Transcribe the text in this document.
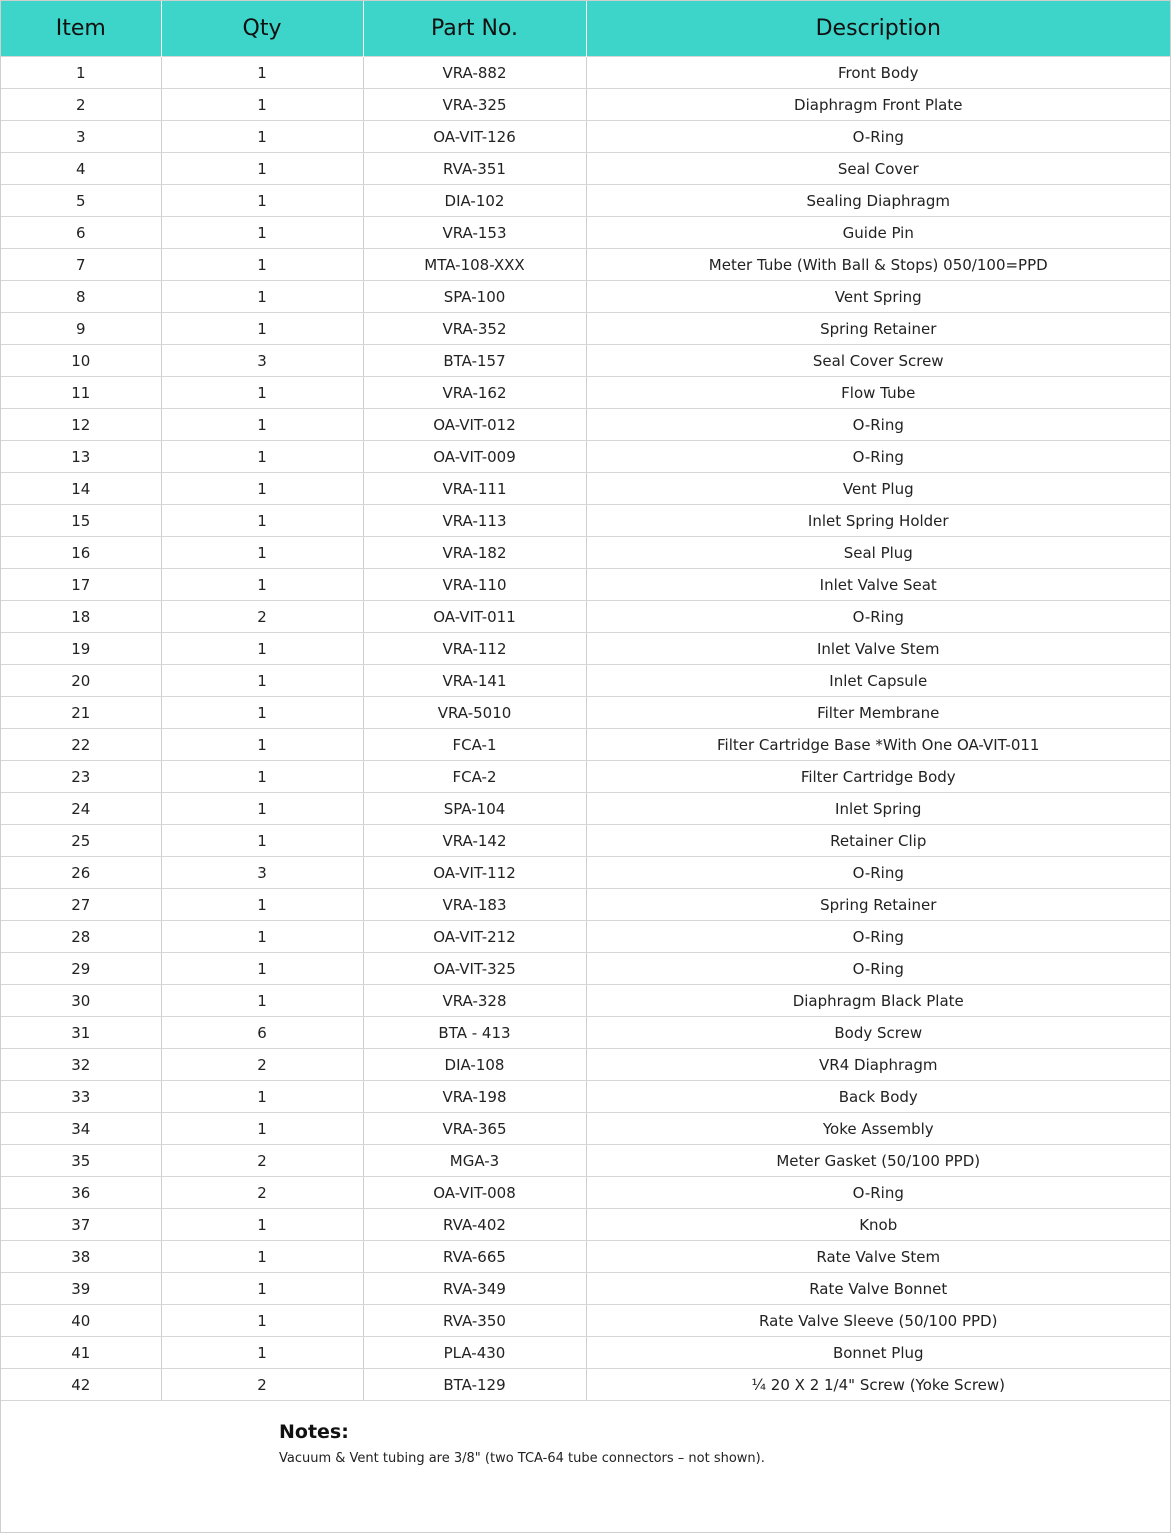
Item	Qty	Part No.	Description
1	1	VRA-882	Front Body
2	1	VRA-325	Diaphragm Front Plate
3	1	OA-VIT-126	O-Ring
4	1	RVA-351	Seal Cover
5	1	DIA-102	Sealing Diaphragm
6	1	VRA-153	Guide Pin
7	1	MTA-108-XXX	Meter Tube (With Ball & Stops) 050/100=PPD
8	1	SPA-100	Vent Spring
9	1	VRA-352	Spring Retainer
10	3	BTA-157	Seal Cover Screw
11	1	VRA-162	Flow Tube
12	1	OA-VIT-012	O-Ring
13	1	OA-VIT-009	O-Ring
14	1	VRA-111	Vent Plug
15	1	VRA-113	Inlet Spring Holder
16	1	VRA-182	Seal Plug
17	1	VRA-110	Inlet Valve Seat
18	2	OA-VIT-011	O-Ring
19	1	VRA-112	Inlet Valve Stem
20	1	VRA-141	Inlet Capsule
21	1	VRA-5010	Filter Membrane
22	1	FCA-1	Filter Cartridge Base *With One OA-VIT-011
23	1	FCA-2	Filter Cartridge Body
24	1	SPA-104	Inlet Spring
25	1	VRA-142	Retainer Clip
26	3	OA-VIT-112	O-Ring
27	1	VRA-183	Spring Retainer
28	1	OA-VIT-212	O-Ring
29	1	OA-VIT-325	O-Ring
30	1	VRA-328	Diaphragm Black Plate
31	6	BTA - 413	Body Screw
32	2	DIA-108	VR4 Diaphragm
33	1	VRA-198	Back Body
34	1	VRA-365	Yoke Assembly
35	2	MGA-3	Meter Gasket (50/100 PPD)
36	2	OA-VIT-008	O-Ring
37	1	RVA-402	Knob
38	1	RVA-665	Rate Valve Stem
39	1	RVA-349	Rate Valve Bonnet
40	1	RVA-350	Rate Valve Sleeve (50/100 PPD)
41	1	PLA-430	Bonnet Plug
42	2	BTA-129	¼ 20 X 2 1/4" Screw (Yoke Screw)
Notes:
Vacuum & Vent tubing are 3/8" (two TCA-64 tube connectors – not shown).
